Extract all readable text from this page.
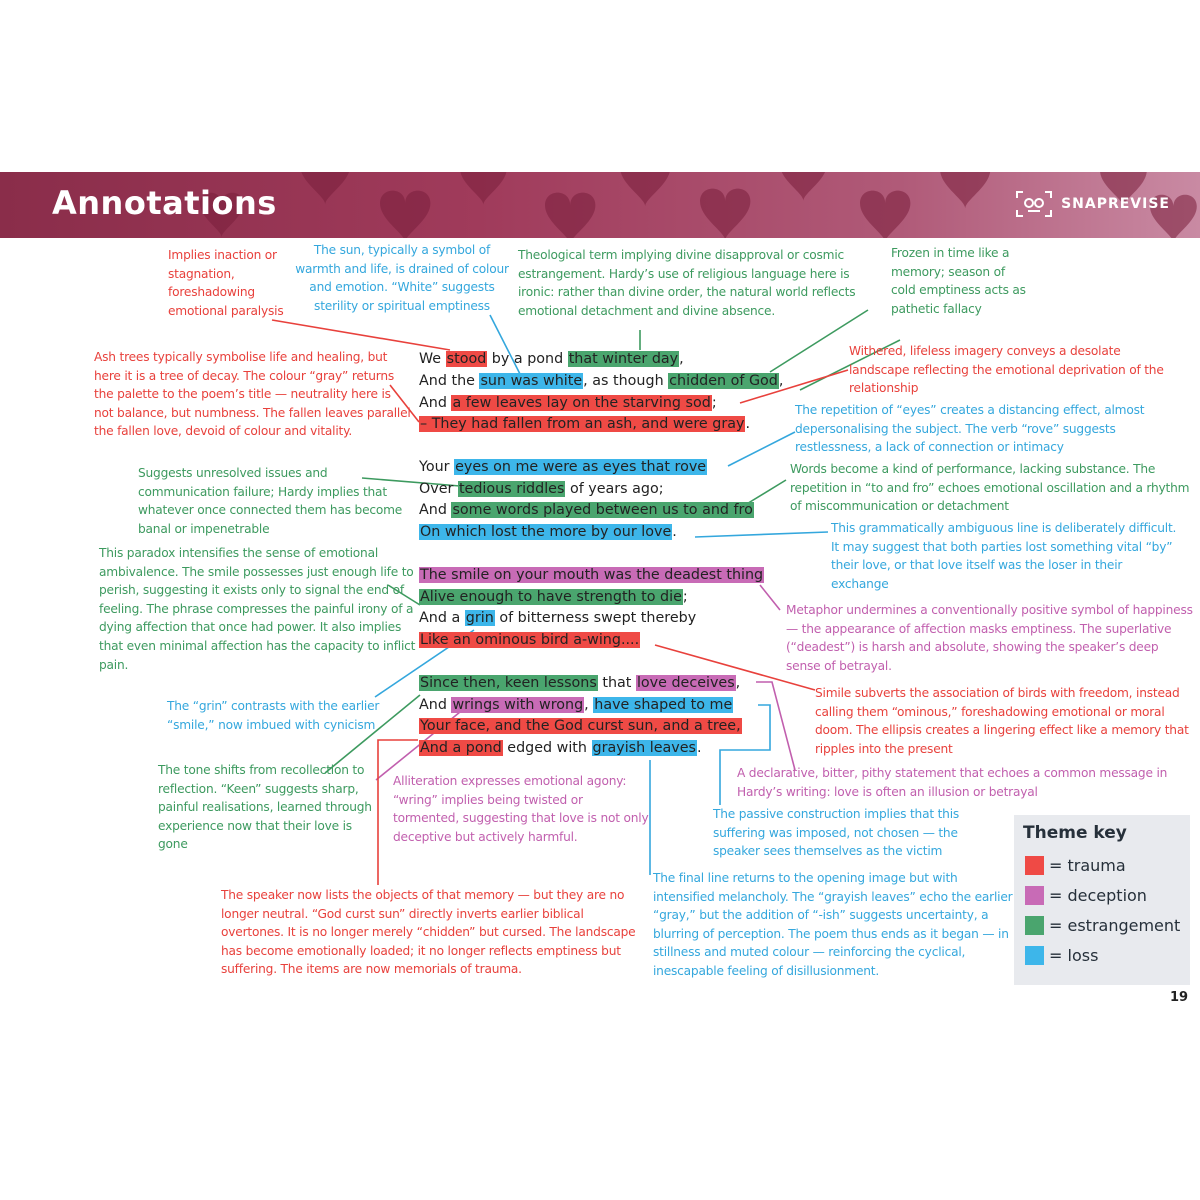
Annotations	SNAPREVISE
We stood by a pond that winter day,
And the sun was white, as though chidden of God,
And a few leaves lay on the starving sod;
– They had fallen from an ash, and were gray.
Your eyes on me were as eyes that rove
Over tedious riddles of years ago;
And some words played between us to and fro
On which lost the more by our love.
The smile on your mouth was the deadest thing
Alive enough to have strength to die;
And a grin of bitterness swept thereby
Like an ominous bird a-wing....
Since then, keen lessons that love deceives,
And wrings with wrong, have shaped to me
Your face, and the God curst sun, and a tree,
And a pond edged with grayish leaves.
Implies inaction or stagnation, foreshadowing emotional paralysis
The sun, typically a symbol of warmth and life, is drained of colour and emotion. “White” suggests sterility or spiritual emptiness
Theological term implying divine disapproval or cosmic estrangement. Hardy’s use of religious language here is ironic: rather than divine order, the natural world reflects emotional detachment and divine absence.
Frozen in time like a memory; season of cold emptiness acts as pathetic fallacy
Ash trees typically symbolise life and healing, but here it is a tree of decay. The colour “gray” returns the palette to the poem’s title — neutrality here is not balance, but numbness. The fallen leaves parallel the fallen love, devoid of colour and vitality.
Withered, lifeless imagery conveys a desolate landscape reflecting the emotional deprivation of the relationship
The repetition of “eyes” creates a distancing effect, almost depersonalising the subject. The verb “rove” suggests restlessness, a lack of connection or intimacy
Suggests unresolved issues and communication failure; Hardy implies that whatever once connected them has become banal or impenetrable
Words become a kind of performance, lacking substance. The repetition in “to and fro” echoes emotional oscillation and a rhythm of miscommunication or detachment
This grammatically ambiguous line is deliberately difficult. It may suggest that both parties lost something vital “by” their love, or that love itself was the loser in their exchange
This paradox intensifies the sense of emotional ambivalence. The smile possesses just enough life to perish, suggesting it exists only to signal the end of feeling. The phrase compresses the painful irony of a dying affection that once had power. It also implies that even minimal affection has the capacity to inflict pain.
Metaphor undermines a conventionally positive symbol of happiness — the appearance of affection masks emptiness. The superlative (“deadest”) is harsh and absolute, showing the speaker’s deep sense of betrayal.
The “grin” contrasts with the earlier “smile,” now imbued with cynicism
Simile subverts the association of birds with freedom, instead calling them “ominous,” foreshadowing emotional or moral doom. The ellipsis creates a lingering effect like a memory that ripples into the present
The tone shifts from recollection to reflection. “Keen” suggests sharp, painful realisations, learned through experience now that their love is gone
Alliteration expresses emotional agony: “wring” implies being twisted or tormented, suggesting that love is not only deceptive but actively harmful.
A declarative, bitter, pithy statement that echoes a common message in Hardy’s writing: love is often an illusion or betrayal
The passive construction implies that this suffering was imposed, not chosen — the speaker sees themselves as the victim
The speaker now lists the objects of that memory — but they are no longer neutral. “God curst sun” directly inverts earlier biblical overtones. It is no longer merely “chidden” but cursed. The landscape has become emotionally loaded; it no longer reflects emptiness but suffering. The items are now memorials of trauma.
The final line returns to the opening image but with intensified melancholy. The “grayish leaves” echo the earlier “gray,” but the addition of “-ish” suggests uncertainty, a blurring of perception. The poem thus ends as it began — in stillness and muted colour — reinforcing the cyclical, inescapable feeling of disillusionment.
Theme key
= trauma
= deception
= estrangement
= loss
19
